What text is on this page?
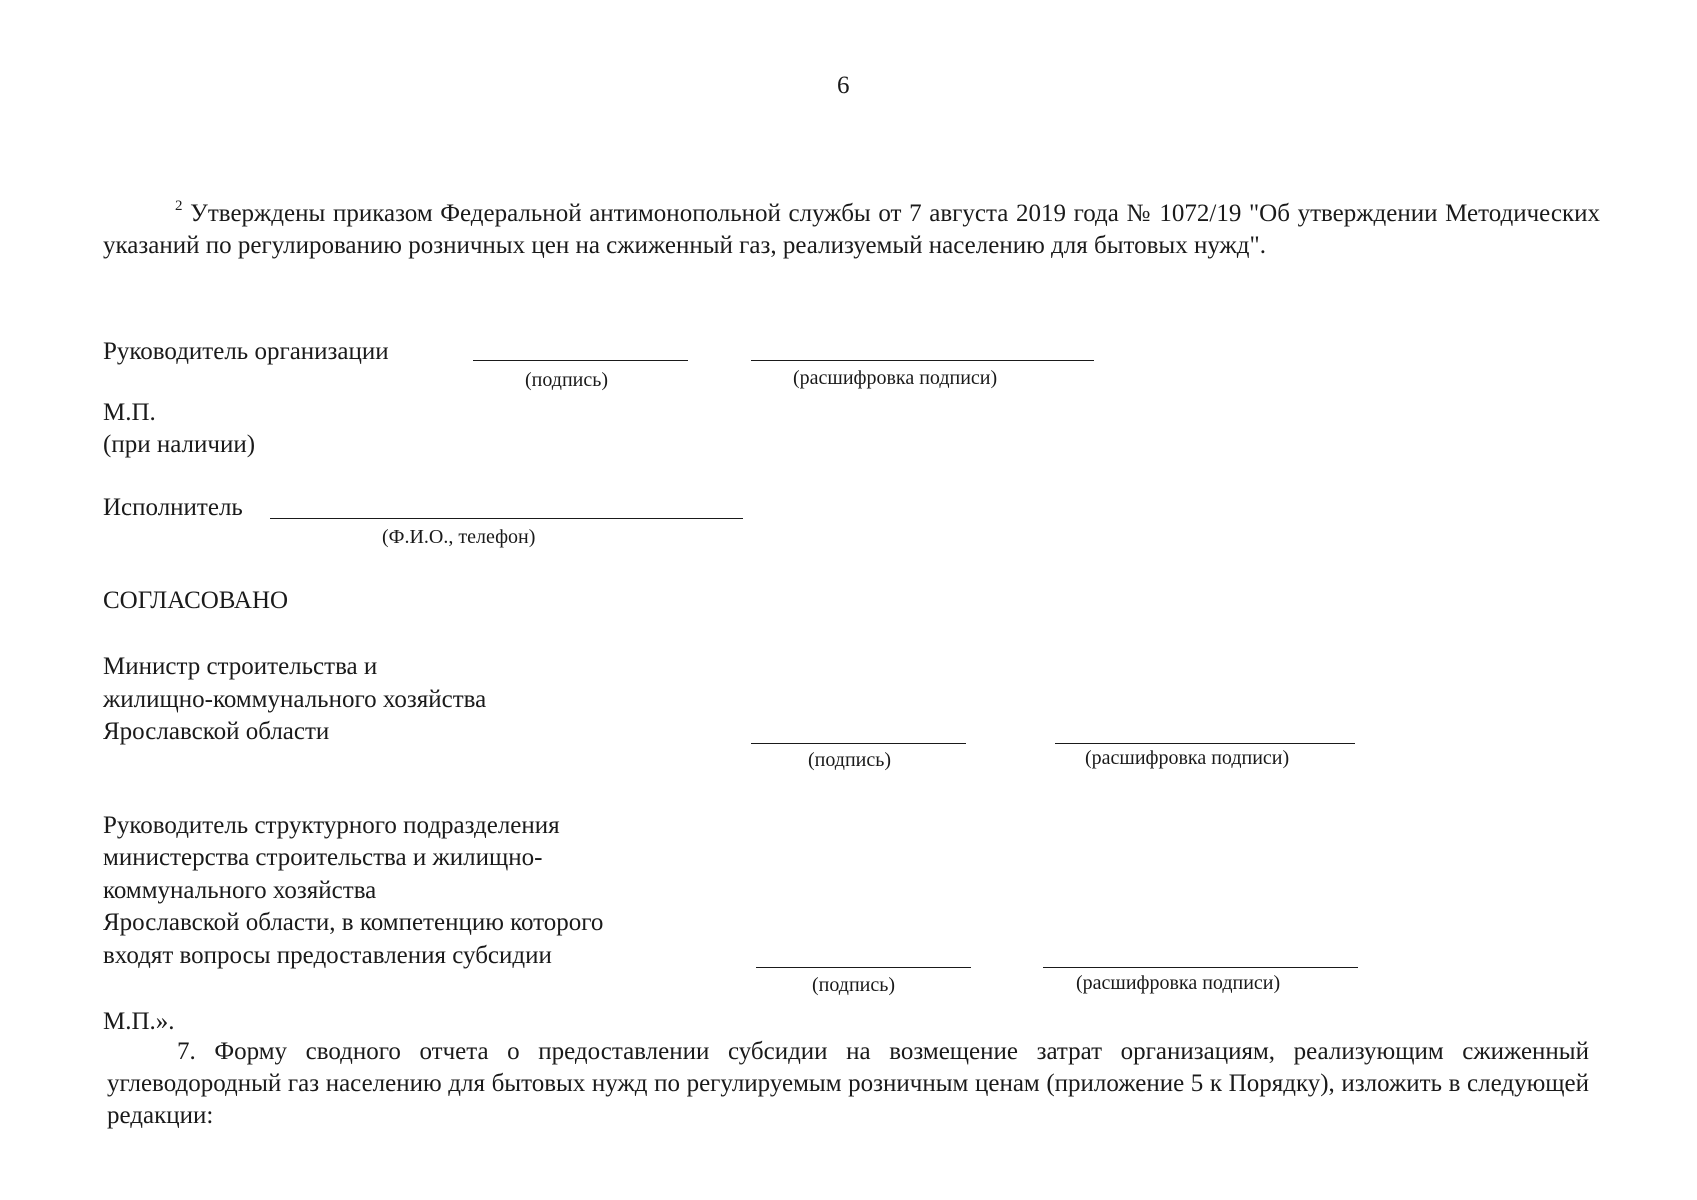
6

$^2$ Утверждены приказом Федеральной антимонопольной службы от 7 августа 2019 года № 1072/19 "Об утверждении Методических указаний по регулированию розничных цен на сжиженный газ, реализуемый населению для бытовых нужд".

Руководитель организации
(подпись)	(расшифровка подписи)
М.П.
(при наличии)
Исполнитель
(Ф.И.О., телефон)
СОГЛАСОВАНО
Министр строительства и
жилищно-коммунального хозяйства
Ярославской области
(подпись)	(расшифровка подписи)
Руководитель структурного подразделения
министерства строительства и жилищно-
коммунального хозяйства
Ярославской области, в компетенцию которого
входят вопросы предоставления субсидии
(подпись)	(расшифровка подписи)
М.П.».

7. Форму сводного отчета о предоставлении субсидии на возмещение затрат организациям, реализующим сжиженный углеводородный газ населению для бытовых нужд по регулируемым розничным ценам (приложение 5 к Порядку), изложить в следующей редакции:
